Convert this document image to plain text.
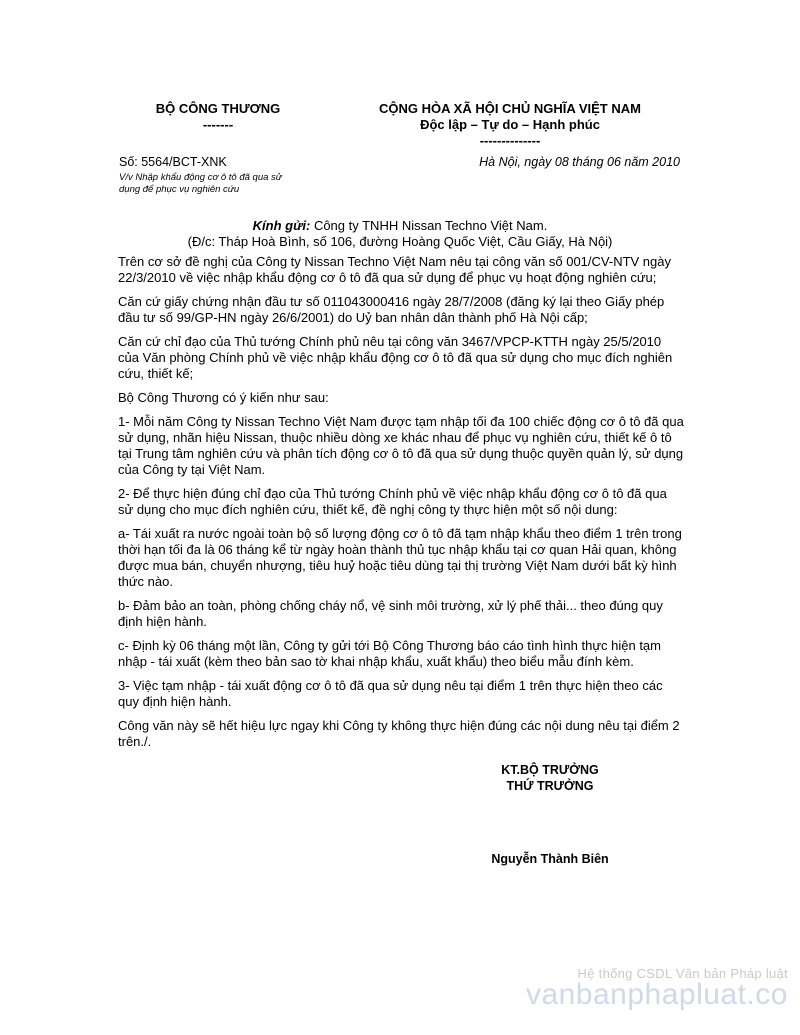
BỘ CÔNG THƯƠNG
-------
CỘNG HÒA XÃ HỘI CHỦ NGHĨA VIỆT NAM
Độc lập – Tự do – Hạnh phúc
--------------
Số: 5564/BCT-XNK
V/v Nhập khẩu động cơ ô tô đã qua sử
dụng để phục vụ nghiên cứu
Hà Nội, ngày 08 tháng 06 năm 2010
Kính gửi: Công ty TNHH Nissan Techno Việt Nam.
(Đ/c: Tháp Hoà Bình, số 106, đường Hoàng Quốc Việt, Cầu Giấy, Hà Nội)

Trên cơ sở đề nghị của Công ty Nissan Techno Việt Nam nêu tại công văn số 001/CV-NTV ngày 22/3/2010 về việc nhập khẩu động cơ ô tô đã qua sử dụng để phục vụ hoạt động nghiên cứu;

Căn cứ giấy chứng nhận đầu tư số 011043000416 ngày 28/7/2008 (đăng ký lại theo Giấy phép đầu tư số 99/GP-HN ngày 26/6/2001) do Uỷ ban nhân dân thành phố Hà Nội cấp;

Căn cứ chỉ đạo của Thủ tướng Chính phủ nêu tại công văn 3467/VPCP-KTTH ngày 25/5/2010 của Văn phòng Chính phủ về việc nhập khẩu động cơ ô tô đã qua sử dụng cho mục đích nghiên cứu, thiết kế;

Bộ Công Thương có ý kiến như sau:

1- Mỗi năm Công ty Nissan Techno Việt Nam được tạm nhập tối đa 100 chiếc động cơ ô tô đã qua sử dụng, nhãn hiệu Nissan, thuộc nhiều dòng xe khác nhau để phục vụ nghiên cứu, thiết kế ô tô tại Trung tâm nghiên cứu và phân tích động cơ ô tô đã qua sử dụng thuộc quyền quản lý, sử dụng của Công ty tại Việt Nam.

2- Để thực hiện đúng chỉ đạo của Thủ tướng Chính phủ về việc nhập khẩu động cơ ô tô đã qua sử dụng cho mục đích nghiên cứu, thiết kế, đề nghị công ty thực hiện một số nội dung:

a- Tái xuất ra nước ngoài toàn bộ số lượng động cơ ô tô đã tạm nhập khẩu theo điểm 1 trên trong thời hạn tối đa là 06 tháng kể từ ngày hoàn thành thủ tục nhập khẩu tại cơ quan Hải quan, không được mua bán, chuyển nhượng, tiêu huỷ hoặc tiêu dùng tại thị trường Việt Nam dưới bất kỳ hình thức nào.

b- Đảm bảo an toàn, phòng chống cháy nổ, vệ sinh môi trường, xử lý phế thải... theo đúng quy định hiện hành.

c- Định kỳ 06 tháng một lần, Công ty gửi tới Bộ Công Thương báo cáo tình hình thực hiện tạm nhập - tái xuất (kèm theo bản sao tờ khai nhập khẩu, xuất khẩu) theo biểu mẫu đính kèm.

3- Việc tạm nhập - tái xuất động cơ ô tô đã qua sử dụng nêu tại điểm 1 trên thực hiện theo các quy định hiện hành.

Công văn này sẽ hết hiệu lực ngay khi Công ty không thực hiện đúng các nội dung nêu tại điểm 2 trên./.

KT.BỘ TRƯỞNG
THỨ TRƯỞNG
Nguyễn Thành Biên
Hệ thống CSDL Văn bản Pháp luật
vanbanphapluat.co
